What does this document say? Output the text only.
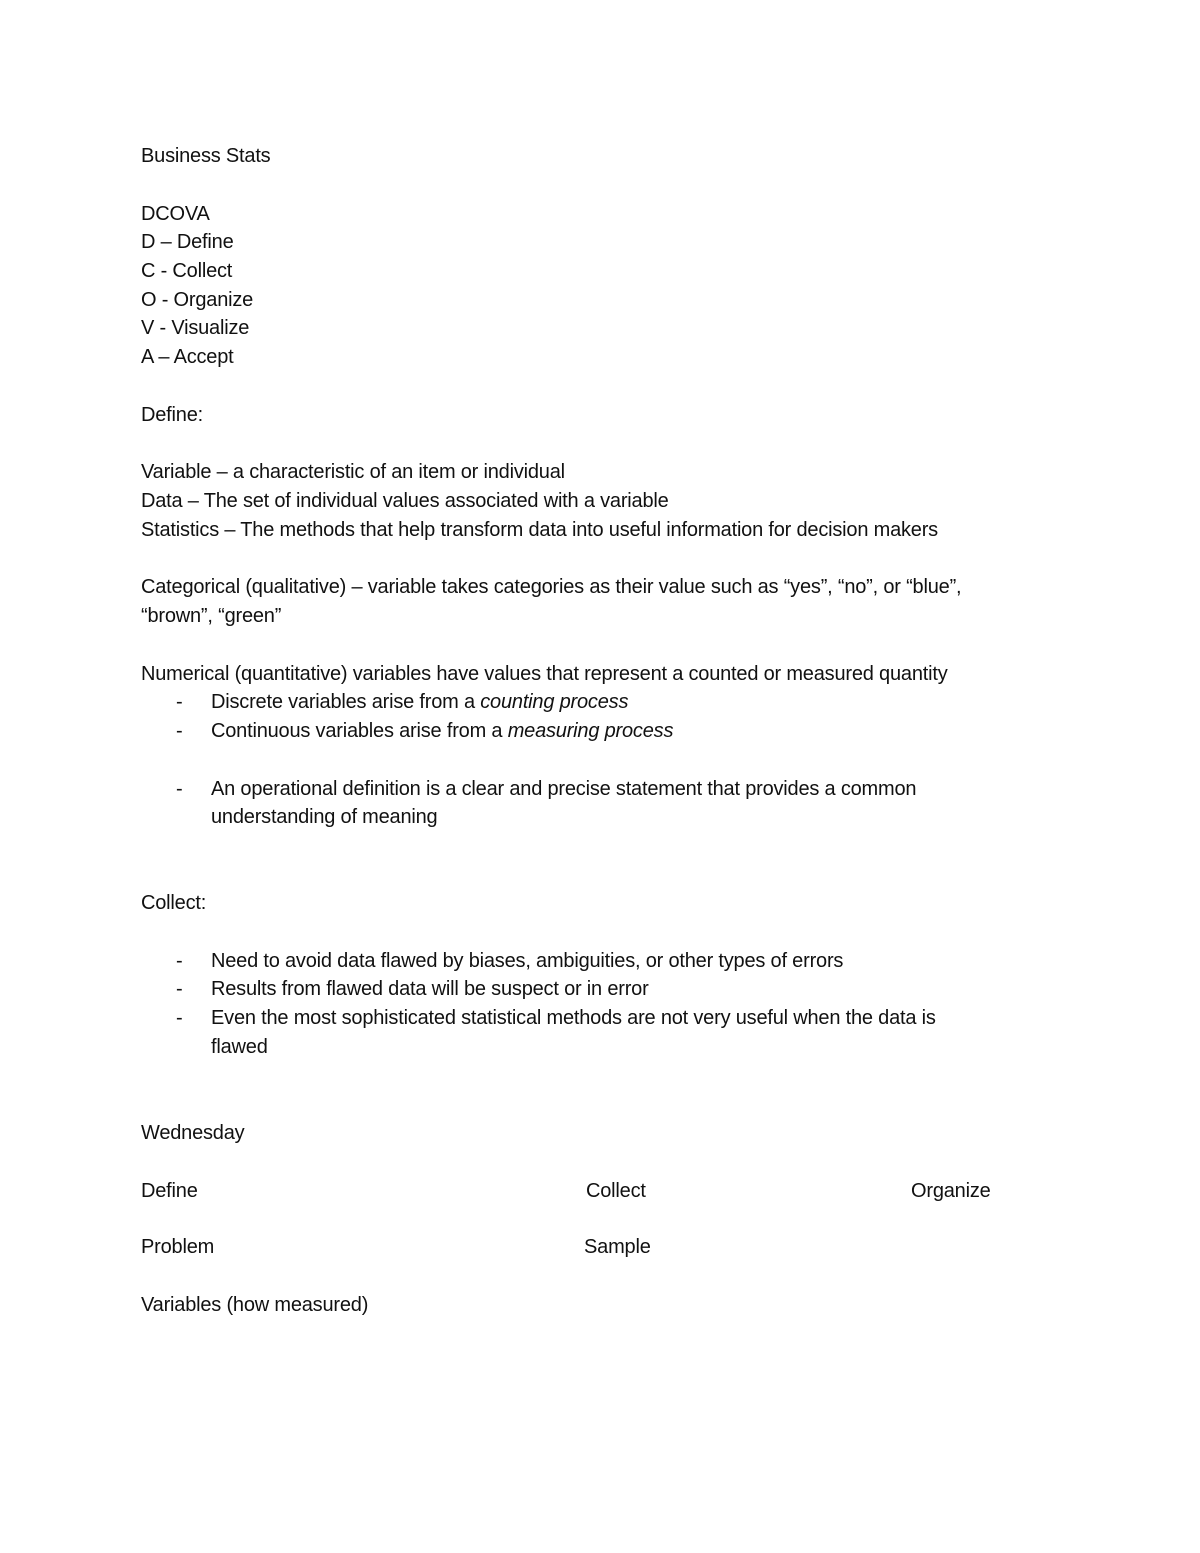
Business Stats
DCOVA
D – Define
C - Collect
O - Organize
V - Visualize
A – Accept
Define:
Variable – a characteristic of an item or individual
Data – The set of individual values associated with a variable
Statistics – The methods that help transform data into useful information for decision makers
Categorical (qualitative) – variable takes categories as their value such as “yes”, “no”, or “blue”,
“brown”, “green”
Numerical (quantitative) variables have values that represent a counted or measured quantity
- Discrete variables arise from a counting process
- Continuous variables arise from a measuring process
- An operational definition is a clear and precise statement that provides a common
understanding of meaning
Collect:
- Need to avoid data flawed by biases, ambiguities, or other types of errors
- Results from flawed data will be suspect or in error
- Even the most sophisticated statistical methods are not very useful when the data is
flawed
Wednesday
Define	Collect	Organize
Problem	Sample
Variables (how measured)
